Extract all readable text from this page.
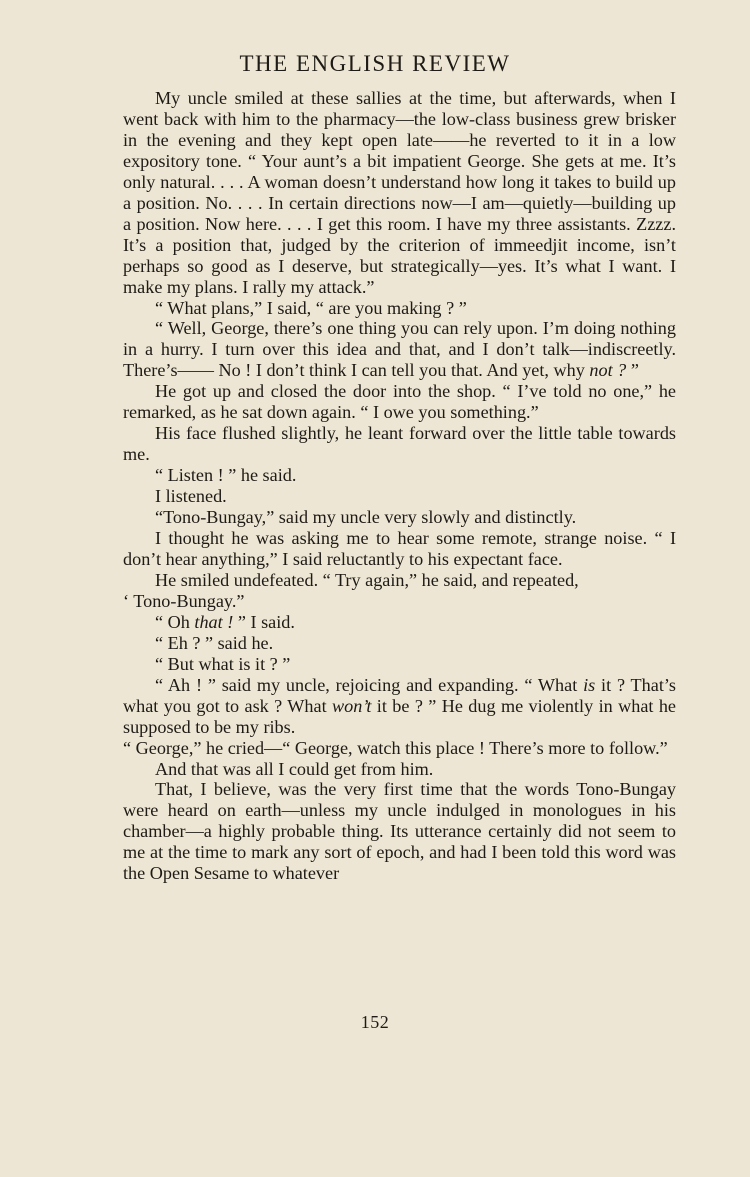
THE ENGLISH REVIEW

My uncle smiled at these sallies at the time, but afterwards, when I went back with him to the pharmacy—the low-class business grew brisker in the evening and they kept open late——he reverted to it in a low expository tone. “ Your aunt’s a bit impatient George. She gets at me. It’s only natural. . . . A woman doesn’t understand how long it takes to build up a position. No. . . . In certain directions now—I am—quietly—building up a position. Now here. . . . I get this room. I have my three assistants. Zzzz. It’s a position that, judged by the criterion of immeedjit income, isn’t perhaps so good as I deserve, but strategically—yes. It’s what I want. I make my plans. I rally my attack.”

“ What plans,” I said, “ are you making ? ”

“ Well, George, there’s one thing you can rely upon. I’m doing nothing in a hurry. I turn over this idea and that, and I don’t talk—indiscreetly. There’s—— No ! I don’t think I can tell you that. And yet, why not ? ”

He got up and closed the door into the shop. “ I’ve told no one,” he remarked, as he sat down again. “ I owe you something.”

His face flushed slightly, he leant forward over the little table towards me.

“ Listen ! ” he said.

I listened.

“Tono-Bungay,” said my uncle very slowly and distinctly.

I thought he was asking me to hear some remote, strange noise. “ I don’t hear anything,” I said reluctantly to his expectant face.

He smiled undefeated. “ Try again,” he said, and repeated,

‘ Tono-Bungay.”

“ Oh that ! ” I said.

“ Eh ? ” said he.

“ But what is it ? ”

“ Ah ! ” said my uncle, rejoicing and expanding. “ What is it ? That’s what you got to ask ? What won’t it be ? ” He dug me violently in what he supposed to be my ribs.

“ George,” he cried—“ George, watch this place ! There’s more to follow.”

And that was all I could get from him.

That, I believe, was the very first time that the words Tono-Bungay were heard on earth—unless my uncle indulged in monologues in his chamber—a highly probable thing. Its utterance certainly did not seem to me at the time to mark any sort of epoch, and had I been told this word was the Open Sesame to whatever

152
